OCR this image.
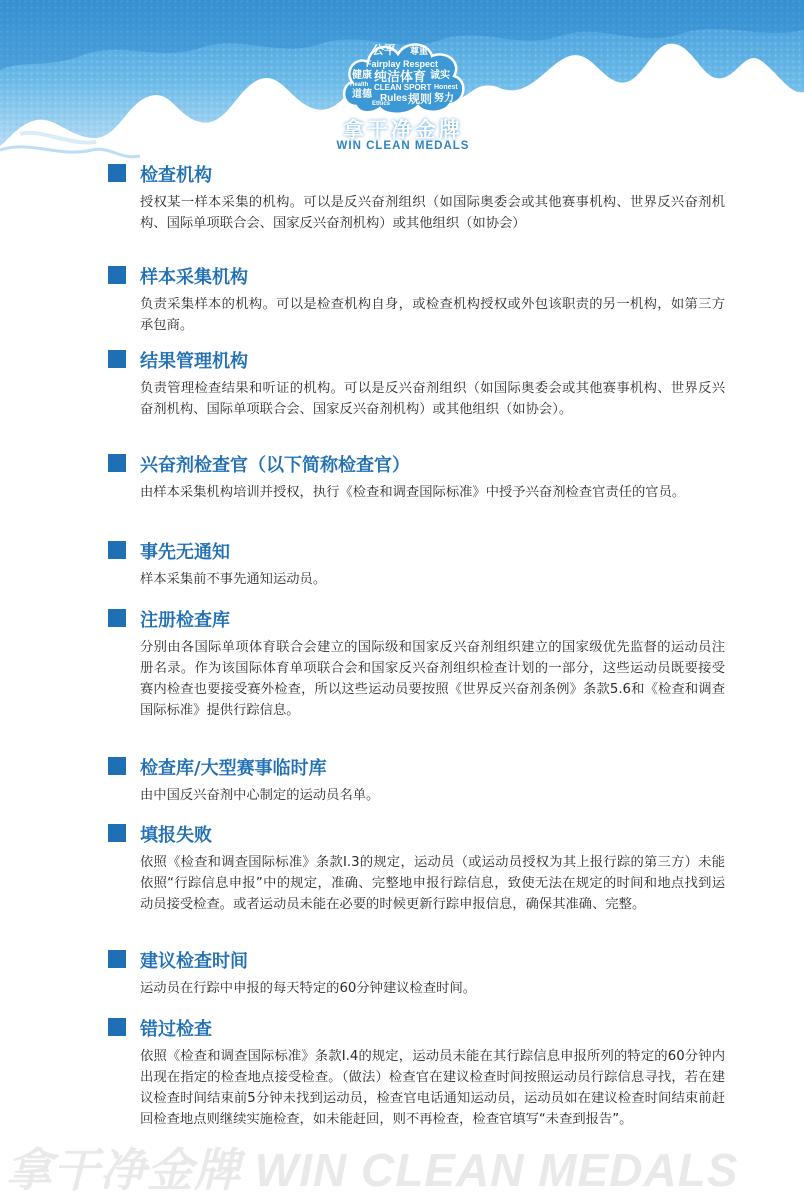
公平 尊重
Fairplay Respect
健康
Health
纯洁体育 诚实
CLEAN SPORT Honest
道德
Ethics
Rules 规则 努力
拿干净金牌
WIN CLEAN MEDALS
检查机构
授权某一样本采集的机构。可以是反兴奋剂组织（如国际奥委会或其他赛事机构、世界反兴奋剂机构、国际单项联合会、国家反兴奋剂机构）或其他组织（如协会）
样本采集机构
负责采集样本的机构。可以是检查机构自身，或检查机构授权或外包该职责的另一机构，如第三方承包商。
结果管理机构
负责管理检查结果和听证的机构。可以是反兴奋剂组织（如国际奥委会或其他赛事机构、世界反兴奋剂机构、国际单项联合会、国家反兴奋剂机构）或其他组织（如协会）。
兴奋剂检查官（以下简称检查官）
由样本采集机构培训并授权，执行《检查和调查国际标准》中授予兴奋剂检查官责任的官员。
事先无通知
样本采集前不事先通知运动员。
注册检查库
分别由各国际单项体育联合会建立的国际级和国家反兴奋剂组织建立的国家级优先监督的运动员注册名录。作为该国际体育单项联合会和国家反兴奋剂组织检查计划的一部分，这些运动员既要接受赛内检查也要接受赛外检查，所以这些运动员要按照《世界反兴奋剂条例》条款5.6和《检查和调查国际标准》提供行踪信息。
检查库/大型赛事临时库
由中国反兴奋剂中心制定的运动员名单。
填报失败
依照《检查和调查国际标准》条款I.3的规定，运动员（或运动员授权为其上报行踪的第三方）未能依照“行踪信息申报”中的规定，准确、完整地申报行踪信息，致使无法在规定的时间和地点找到运动员接受检查。或者运动员未能在必要的时候更新行踪申报信息，确保其准确、完整。
建议检查时间
运动员在行踪中申报的每天特定的60分钟建议检查时间。
错过检查
依照《检查和调查国际标准》条款I.4的规定，运动员未能在其行踪信息申报所列的特定的60分钟内出现在指定的检查地点接受检查。（做法）检查官在建议检查时间按照运动员行踪信息寻找，若在建议检查时间结束前5分钟未找到运动员，检查官电话通知运动员，运动员如在建议检查时间结束前赶回检查地点则继续实施检查，如未能赶回，则不再检查，检查官填写“未查到报告”。
拿干净金牌 WIN CLEAN MEDALS
